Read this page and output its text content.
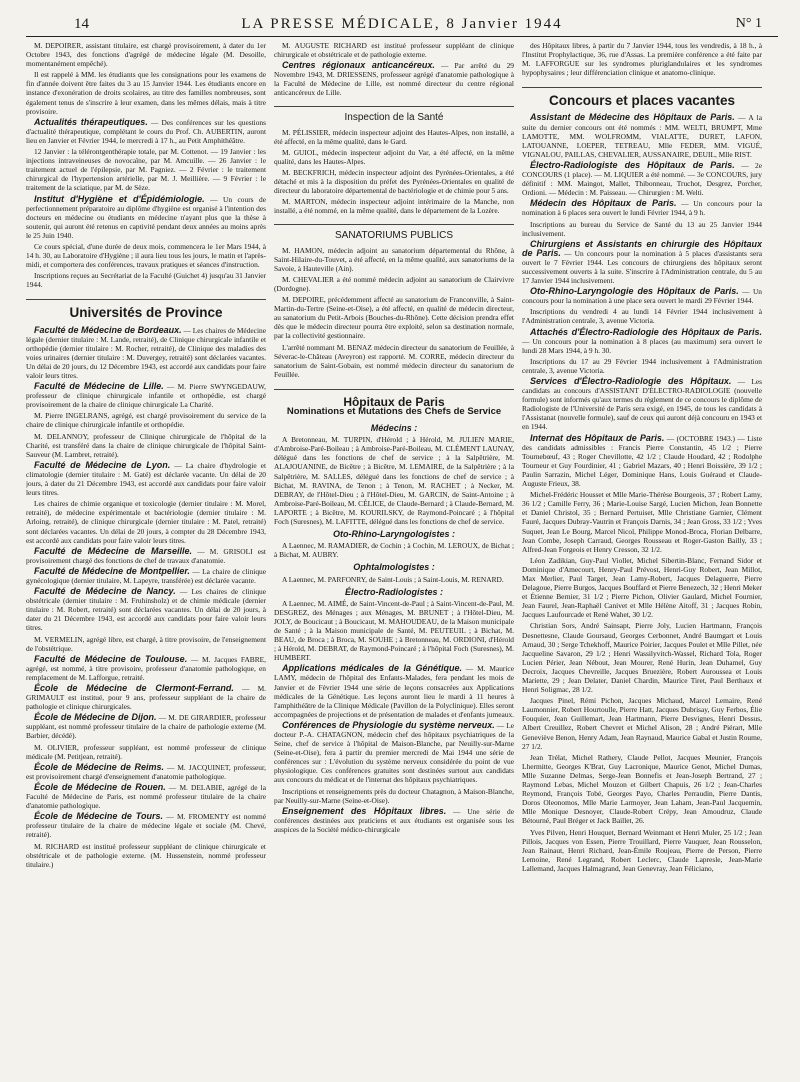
14	LA PRESSE MÉDICALE, 8 Janvier 1944	N° 1

M. DEPOIRER, assistant titulaire, est chargé provisoirement, à dater du 1er Octobre 1943, des fonctions d'agrégé de médecine légale (M. Desoille, momentanément empêché).

Il est rappelé à MM. les étudiants que les consignations pour les examens de fin d'année doivent être faites du 3 au 15 Janvier 1944. Les étudiants encore en instance d'exonération de droits scolaires, au titre des familles nombreuses, sont également tenus de s'inscrire à leur examen, dans les mêmes délais, mais à titre provisoire.

Actualités thérapeutiques. — Des conférences sur les questions d'actualité thérapeutique, complétant le cours du Prof. Ch. AUBERTIN, auront lieu en Janvier et Février 1944, le mercredi à 17 h., au Petit Amphithéâtre.

12 Janvier : la télérontgenthérapie totale, par M. Cottenot. — 19 Janvier : les injections intraveineuses de novocaïne, par M. Amcuille. — 26 Janvier : le traitement actuel de l'épilepsie, par M. Pagniez. — 2 Février : le traitement chirurgical de l'hypertension artérielle, par M. J. Meillière. — 9 Février : le traitement de la sciatique, par M. de Sèze.

Institut d'Hygiène et d'Épidémiologie. — Un cours de perfectionnement préparatoire au diplôme d'hygiène est organisé à l'intention des docteurs en médecine ou étudiants en médecine n'ayant plus que la thèse à soutenir, qui auront été retenus en captivité pendant deux années au moins après le 25 Juin 1940.

Ce cours spécial, d'une durée de deux mois, commencera le 1er Mars 1944, à 14 h. 30, au Laboratoire d'Hygiène ; il aura lieu tous les jours, le matin et l'après-midi, et comportera des conférences, travaux pratiques et séances d'instruction.

Inscriptions reçues au Secrétariat de la Faculté (Guichet 4) jusqu'au 31 Janvier 1944.

Universités de Province

Faculté de Médecine de Bordeaux. — Les chaires de Médecine légale (dernier titulaire : M. Lande, retraité), de Clinique chirurgicale infantile et orthopédie (dernier titulaire : M. Rocher, retraité), de Clinique des maladies des voies urinaires (dernier titulaire : M. Duvergey, retraité) sont déclarées vacantes. Un délai de 20 jours, du 12 Décembre 1943, est accordé aux candidats pour faire valoir leurs titres.

Faculté de Médecine de Lille. — M. Pierre SWYNGEDAUW, professeur de clinique chirurgicale infantile et orthopédie, est chargé provisoirement de la chaire de clinique chirurgicale La Charité.

M. Pierre INGELRANS, agrégé, est chargé provisoirement du service de la chaire de clinique chirurgicale infantile et orthopédie.

M. DELANNOY, professeur de Clinique chirurgicale de l'hôpital de la Charité, est transféré dans la chaire de clinique chirurgicale de l'hôpital Saint-Sauveur (M. Lambret, retraité).

Faculté de Médecine de Lyon. — La chaire d'hydrologie et climatologie (dernier titulaire : M. Gaté) est déclarée vacante. Un délai de 20 jours, à dater du 21 Décembre 1943, est accordé aux candidats pour faire valoir leurs titres.

Les chaires de chimie organique et toxicologie (dernier titulaire : M. Morel, retraité), de médecine expérimentale et bactériologie (dernier titulaire : M. Arloing, retraité), de clinique chirurgicale (dernier titulaire : M. Patel, retraité) sont déclarées vacantes. Un délai de 20 jours, à compter du 28 Décembre 1943, est accordé aux candidats pour faire valoir leurs titres.

Faculté de Médecine de Marseille. — M. GRISOLI est provisoirement chargé des fonctions de chef de travaux d'anatomie.

Faculté de Médecine de Montpellier. — La chaire de clinique gynécologique (dernier titulaire, M. Lapeyre, transférée) est déclarée vacante.

Faculté de Médecine de Nancy. — Les chaires de clinique obstétricale (dernier titulaire : M. Fruhinsholz) et de chimie médicale (dernier titulaire : M. Robert, retraité) sont déclarées vacantes. Un délai de 20 jours, à dater du 21 Décembre 1943, est accordé aux candidats pour faire valoir leurs titres.

M. VERMELIN, agrégé libre, est chargé, à titre provisoire, de l'enseignement de l'obstétrique.

Faculté de Médecine de Toulouse. — M. Jacques FABRE, agrégé, est nommé, à titre provisoire, professeur d'anatomie pathologique, en remplacement de M. Lafforgue, retraité.

École de Médecine de Clermont-Ferrand. — M. GRIMAULT est institué, pour 9 ans, professeur suppléant de la chaire de pathologie et clinique chirurgicales.

École de Médecine de Dijon. — M. DE GIRARDIER, professeur suppléant, est nommé professeur titulaire de la chaire de pathologie externe (M. Barbier, décédé).

M. OLIVIER, professeur suppléant, est nommé professeur de clinique médicale (M. Petitjean, retraité).

École de Médecine de Reims. — M. JACQUINET, professeur, est provisoirement chargé d'enseignement d'anatomie pathologique.

École de Médecine de Rouen. — M. DELABIE, agrégé de la Faculté de Médecine de Paris, est nommé professeur titulaire de la chaire d'anatomie pathologique.

École de Médecine de Tours. — M. FROMENTY est nommé professeur titulaire de la chaire de médecine légale et sociale (M. Chevé, retraité).

M. RICHARD est institué professeur suppléant de clinique chirurgicale et obstétricale et de pathologie externe. (M. Hussenstein, nommé professeur titulaire.)

M. AUGUSTE RICHARD est institué professeur suppléant de clinique chirurgicale et obstétricale et de pathologie externe.

Centres régionaux anticancéreux. — Par arrêté du 29 Novembre 1943, M. DRIESSENS, professeur agrégé d'anatomie pathologique à la Faculté de Médecine de Lille, est nommé directeur du centre régional anticancéreux de Lille.

Inspection de la Santé

M. PÉLISSIER, médecin inspecteur adjoint des Hautes-Alpes, non installé, a été affecté, en la même qualité, dans le Gard.

M. GUIOL, médecin inspecteur adjoint du Var, a été affecté, en la même qualité, dans les Hautes-Alpes.

M. BECKFRICH, médecin inspecteur adjoint des Pyrénées-Orientales, a été détaché et mis à la disposition du préfet des Pyrénées-Orientales en qualité de directeur du laboratoire départemental de bactériologie et de chimie pour 5 ans.

M. MARTON, médecin inspecteur adjoint intérimaire de la Manche, non installé, a été nommé, en la même qualité, dans le département de la Lozère.

SANATORIUMS PUBLICS

M. HAMON, médecin adjoint au sanatorium départemental du Rhône, à Saint-Hilaire-du-Touvet, a été affecté, en la même qualité, aux sanatoriums de la Savoie, à Hauteville (Ain).

M. CHEVALIER a été nommé médecin adjoint au sanatorium de Clairvivre (Dordogne).

M. DEPOIRE, précédemment affecté au sanatorium de Franconville, à Saint-Martin-du-Tertre (Seine-et-Oise), a été affecté, en qualité de médecin directeur, au sanatorium du Petit-Arbois (Bouches-du-Rhône). Cette décision prendra effet dès que le médecin directeur pourra être exploité, selon sa destination normale, par la collectivité gestionnaire.

L'arrêté nommant M. BENAZ médecin directeur du sanatorium de Feuillée, à Séverac-le-Château (Aveyron) est rapporté. M. CORRE, médecin directeur du sanatorium de Saint-Gobain, est nommé médecin directeur du sanatorium de Feuillée.

Hôpitaux de Paris
Nominations et Mutations des Chefs de Service
Médecins :

A Bretonneau, M. TURPIN, d'Hérold ; à Hérold, M. JULIEN MARIE, d'Ambroise-Paré-Boileau ; à Ambroise-Paré-Boileau, M. CLÉMENT LAUNAY, délégué dans les fonctions de chef de service ; à la Salpêtrière, M. ALAJOUANINE, de Bicêtre ; à Bicêtre, M. LEMAIRE, de la Salpêtrière ; à la Salpêtrière, M. SALLES, délégué dans les fonctions de chef de service ; à Bichat, M. RAVINA, de Tenon ; à Tenon, M. RACHET ; à Necker, M. DEBRAY, de l'Hôtel-Dieu ; à l'Hôtel-Dieu, M. GARCIN, de Saint-Antoine ; à Ambroise-Paré-Boileau, M. CÉLICE, de Claude-Bernard ; à Claude-Bernard, M. LAPORTE ; à Bicêtre, M. KOURILSKY, de Raymond-Poincaré ; à l'hôpital Foch (Suresnes), M. LAFITTE, délégué dans les fonctions de chef de service.

Oto-Rhino-Laryngologistes :

A Laennec, M. RAMADIER, de Cochin ; à Cochin, M. LEROUX, de Bichat ; à Bichat, M. AUBRY.

Ophtalmologistes :

A Laennec, M. PARFONRY, de Saint-Louis ; à Saint-Louis, M. RENARD.

Électro-Radiologistes :

A Laennec, M. AIMÉ, de Saint-Vincent-de-Paul ; à Saint-Vincent-de-Paul, M. DESGREZ, des Ménages ; aux Ménages, M. BRUNET ; à l'Hôtel-Dieu, M. JOLY, de Boucicaut ; à Boucicaut, M. MAHOUDEAU, de la Maison municipale de Santé ; à la Maison municipale de Santé, M. PEUTEUIL ; à Bichat, M. BEAU, de Broca ; à Broca, M. SOUHE ; à Bretonneau, M. ORDIONI, d'Hérold ; à Hérold, M. DEBRAT, de Raymond-Poincaré ; à l'hôpital Foch (Suresnes), M. HUMBERT.

Applications médicales de la Génétique. — M. Maurice LAMY, médecin de l'hôpital des Enfants-Malades, fera pendant les mois de Janvier et de Février 1944 une série de leçons consacrées aux Applications médicales de la Génétique. Les leçons auront lieu le mardi à 11 heures à l'amphithéâtre de la Clinique Médicale (Pavillon de la Polyclinique). Elles seront accompagnées de projections et de présentation de malades et d'enfants jumeaux.

Conférences de Physiologie du système nerveux. — Le docteur P.-A. CHATAGNON, médecin chef des hôpitaux psychiatriques de la Seine, chef de service à l'hôpital de Maison-Blanche, par Neuilly-sur-Marne (Seine-et-Oise), fera à partir du premier mercredi de Mai 1944 une série de conférences sur : L'évolution du système nerveux considérée du point de vue physiologique. Ces conférences gratuites sont destinées surtout aux candidats aux concours du médicat et de l'internat des hôpitaux psychiatriques.

Inscriptions et renseignements près du docteur Chatagnon, à Maison-Blanche, par Neuilly-sur-Marne (Seine-et-Oise).

Enseignement des Hôpitaux libres. — Une série de conférences destinées aux praticiens et aux étudiants est organisée sous les auspices de la Société médico-chirurgicale

des Hôpitaux libres, à partir du 7 Janvier 1944, tous les vendredis, à 18 h., à l'Institut Prophylactique, 36, rue d'Assas. La première conférence a été faite par M. LAFFORGUE sur les syndromes pluriglandulaires et les syndromes hypophysaires ; leur différenciation clinique et anatomo-clinique.

Concours et places vacantes

Assistant de Médecine des Hôpitaux de Paris. — A la suite du dernier concours ont été nommés : MM. WELTI, BRUMPT, Mme LAMOTTE, MM. WOLFROMM, VIALATTE, DURET, LAFON, LATOUANNE, LOEPER, TETREAU, Mlle FEDER, MM. VIGUÉ, VIGNALOU, PAILLAS, CHEVALIER, AUSSANAIRE, DEUIL, Mlle RIST.

Électro-Radiologiste des Hôpitaux de Paris. — 2e CONCOURS (1 place). — M. LIQUIER a été nommé. — 3e CONCOURS, jury définitif : MM. Maingot, Mallet, Thibonneau, Truchot, Desgrez, Porcher, Ordioni. — Médecin : M. Paisseau. — Chirurgien : M. Welti.

Médecin des Hôpitaux de Paris. — Un concours pour la nomination à 6 places sera ouvert le lundi Février 1944, à 9 h.

Inscriptions au bureau du Service de Santé du 13 au 25 Janvier 1944 inclusivement.

Chirurgiens et Assistants en chirurgie des Hôpitaux de Paris. — Un concours pour la nomination à 5 places d'assistants sera ouvert le 7 Février 1944. Les concours de chirurgiens des hôpitaux seront successivement ouverts à la suite. S'inscrire à l'Administration centrale, du 5 au 17 Janvier 1944 inclusivement.

Oto-Rhino-Laryngologie des Hôpitaux de Paris. — Un concours pour la nomination à une place sera ouvert le mardi 29 Février 1944.

Inscriptions du vendredi 4 au lundi 14 Février 1944 inclusivement à l'Administration centrale, 3, avenue Victoria.

Attachés d'Électro-Radiologie des Hôpitaux de Paris. — Un concours pour la nomination à 8 places (au maximum) sera ouvert le lundi 28 Mars 1944, à 9 h. 30.

Inscriptions du 17 au 29 Février 1944 inclusivement à l'Administration centrale, 3, avenue Victoria.

Services d'Électro-Radiologie des Hôpitaux. — Les candidats au concours d'ASSISTANT D'ÉLECTRO-RADIOLOGIE (nouvelle formule) sont informés qu'aux termes du règlement de ce concours le diplôme de Radiologiste de l'Université de Paris sera exigé, en 1945, de tous les candidats à l'Assistanat (nouvelle formule), sauf de ceux qui auront déjà concouru en 1943 et en 1944.

Internat des Hôpitaux de Paris. — (OCTOBRE 1943.) — Liste des candidats admissibles : Francis Pierre Constantin, 45 1/2 ; Pierre Tournebœuf, 43 ; Roger Chevillotte, 42 1/2 ; Claude Houdard, 42 ; Rodolphe Tourneur et Guy Fourdinier, 41 ; Gabriel Mazars, 40 ; Henri Boissière, 39 1/2 ; Paulin Sarrazin, Michel Léger, Dominique Hans, Louis Guéraud et Claude-Auguste Frieux, 38.

Michel-Frédéric Housset et Mlle Marie-Thérèse Bourgeois, 37 ; Robert Lamy, 36 1/2 ; Camille Ferry, 36 ; Marie-Louise Sargé, Lucien Michon, Jean Bonnette et Daniel Christol, 35 ; Bernard Pertuiset, Mlle Christiane Garnier, Clément Fauré, Jacques Dubray-Vautrin et François Darnis, 34 ; Jean Gross, 33 1/2 ; Yves Suquet, Jean Le Bourg, Marcel Nicol, Philippe Monod-Broca, Florian Delbarre, Jean Combe, Joseph Carraud, Georges Rousseau et Roger-Gaston Bailly, 33 ; Alfred-Jean Forgeois et Henry Cresson, 32 1/2.

Léon Zadikian, Guy-Paul Viollet, Michel Sibertin-Blanc, Fernand Sidor et Dominique d'Amecourt, Henry-Paul Prévost, Henri-Guy Robert, Jean Millot, Max Merlier, Paul Target, Jean Lamy-Robert, Jacques Delaguerre, Pierre Delagoue, Pierre Burgos, Jacques Bouffard et Pierre Benezech, 32 ; Henri Meker et Étienne Bernier, 31 1/2 ; Pierre Pichon, Olivier Gaulard, Michel Fournier, Jean Faurel, Jean-Raphaël Canivet et Mlle Hélène Aitoff, 31 ; Jacques Robin, Jacques Laufourcade et René Wahet, 30 1/2.

Christian Sors, André Sainsapt, Pierre Joly, Lucien Hartmann, François Desnettesne, Claude Goursaud, Georges Cerbonnet, André Baumgart et Louis Arnaud, 30 ; Serge Tchekhoff, Maurice Poirier, Jacques Poulet et Mlle Pillet, née Jacqueline Savaron, 29 1/2 ; Henri Wassilyvitch-Wassel, Richard Tola, Roger Lucien Périer, Jean Nébout, Jean Mourer, René Hurin, Jean Duhamel, Guy Decroix, Jacques Chevreille, Jacques Bruezière, Robert Auroussea et Louis Mariette, 29 ; Jean Delater, Daniel Chardin, Maurice Tiret, Paul Berthaux et Henri Soligmac, 28 1/2.

Jacques Pinel, Rémi Pichon, Jacques Michaud, Marcel Lemaire, René Laumonnier, Robert Hourtoulle, Pierre Hatt, Jacques Dubrisay, Guy Ferbos, Élie Fouquier, Jean Guillemart, Jean Hartmann, Pierre Desvignes, Henri Dessus, Albert Creuillez, Robert Chevret et Michel Alison, 28 ; André Piérart, Mlle Geneviève Benon, Henry Adam, Jean Raynaud, Maurice Gabal et Justin Roume, 27 1/2.

Jean Trélat, Michel Rathery, Claude Pellot, Jacques Meunier, François Lhermitte, Georges K'Brat, Guy Lacronique, Maurice Genot, Michel Dumas, Mlle Suzanne Delmas, Serge-Jean Bonnefis et Jean-Joseph Bertrand, 27 ; Raymond Lebas, Michel Mouzon et Gilbert Chapuis, 26 1/2 ; Jean-Charles Reymond, François Tobé, Georges Payo, Charles Perraudin, Pierre Dantis, Doros Oleonomos, Mlle Marie Larmoyer, Jean Laham, Jean-Paul Jacquemin, Mlle Monique Desnoyer, Claude-Robert Crépy, Jean Amoudruz, Claude Bétourné, Paul Bréger et Jack Baillet, 26.

Yves Pilven, Henri Houquet, Bernard Weinmant et Henri Muler, 25 1/2 ; Jean Pillois, Jacques von Essen, Pierre Trouillard, Pierre Vauquer, Jean Rousselon, Jean Rainaut, Henri Richard, Jean-Émile Roujeau, Pierre de Person, Pierre Lemoine, René Legrand, Robert Leclerc, Claude Lapresle, Jean-Marie Lallemand, Jacques Halmagrand, Jean Genevray, Jean Féliciano,
